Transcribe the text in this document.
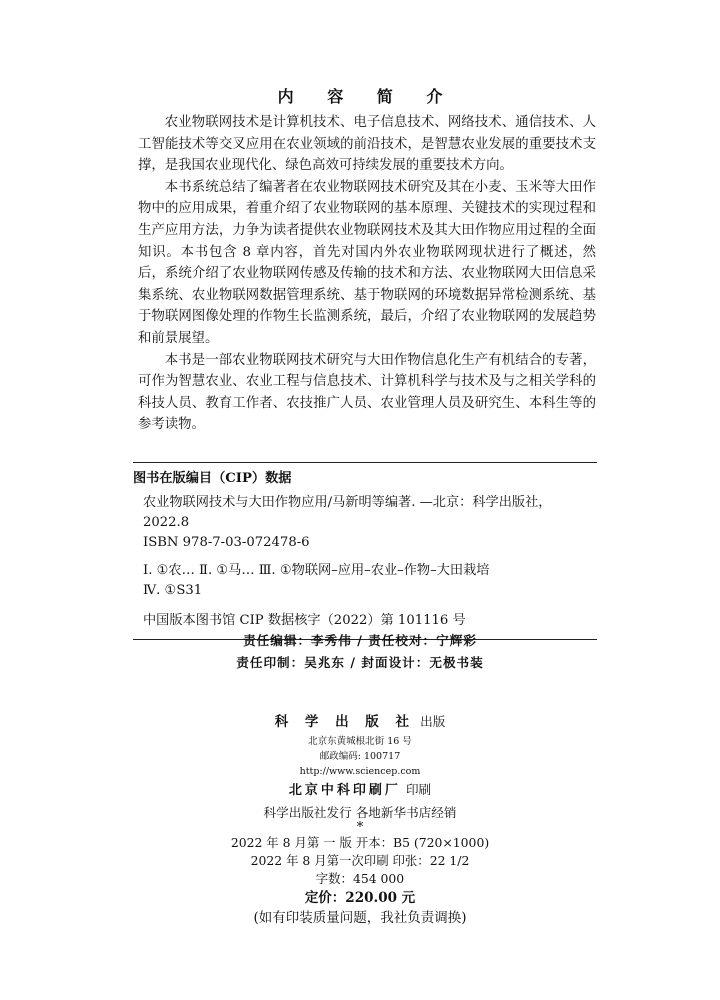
内 容 简 介

农业物联网技术是计算机技术、电子信息技术、网络技术、通信技术、人工智能技术等交叉应用在农业领域的前沿技术，是智慧农业发展的重要技术支撑，是我国农业现代化、绿色高效可持续发展的重要技术方向。

本书系统总结了编著者在农业物联网技术研究及其在小麦、玉米等大田作物中的应用成果，着重介绍了农业物联网的基本原理、关键技术的实现过程和生产应用方法，力争为读者提供农业物联网技术及其大田作物应用过程的全面知识。本书包含 8 章内容，首先对国内外农业物联网现状进行了概述，然后，系统介绍了农业物联网传感及传输的技术和方法、农业物联网大田信息采集系统、农业物联网数据管理系统、基于物联网的环境数据异常检测系统、基于物联网图像处理的作物生长监测系统，最后，介绍了农业物联网的发展趋势和前景展望。

本书是一部农业物联网技术研究与大田作物信息化生产有机结合的专著，可作为智慧农业、农业工程与信息技术、计算机科学与技术及与之相关学科的科技人员、教育工作者、农技推广人员、农业管理人员及研究生、本科生等的参考读物。

图书在版编目（CIP）数据
农业物联网技术与大田作物应用/马新明等编著. —北京：科学出版社，
2022.8
ISBN 978-7-03-072478-6
Ⅰ. ①农… Ⅱ. ①马… Ⅲ. ①物联网–应用–农业–作物–大田栽培
Ⅳ. ①S31
中国版本图书馆 CIP 数据核字（2022）第 101116 号
责任编辑：李秀伟 / 责任校对：宁辉彩
责任印制：吴兆东 / 封面设计：无极书装
科 学 出 版 社 出版
北京东黄城根北街 16 号
邮政编码: 100717
http://www.sciencep.com
北京中科印刷厂 印刷
科学出版社发行 各地新华书店经销
*
2022 年 8 月第 一 版 开本：B5 (720×1000)
2022 年 8 月第一次印刷 印张：22 1/2
字数：454 000
定价：220.00 元
(如有印装质量问题，我社负责调换)
